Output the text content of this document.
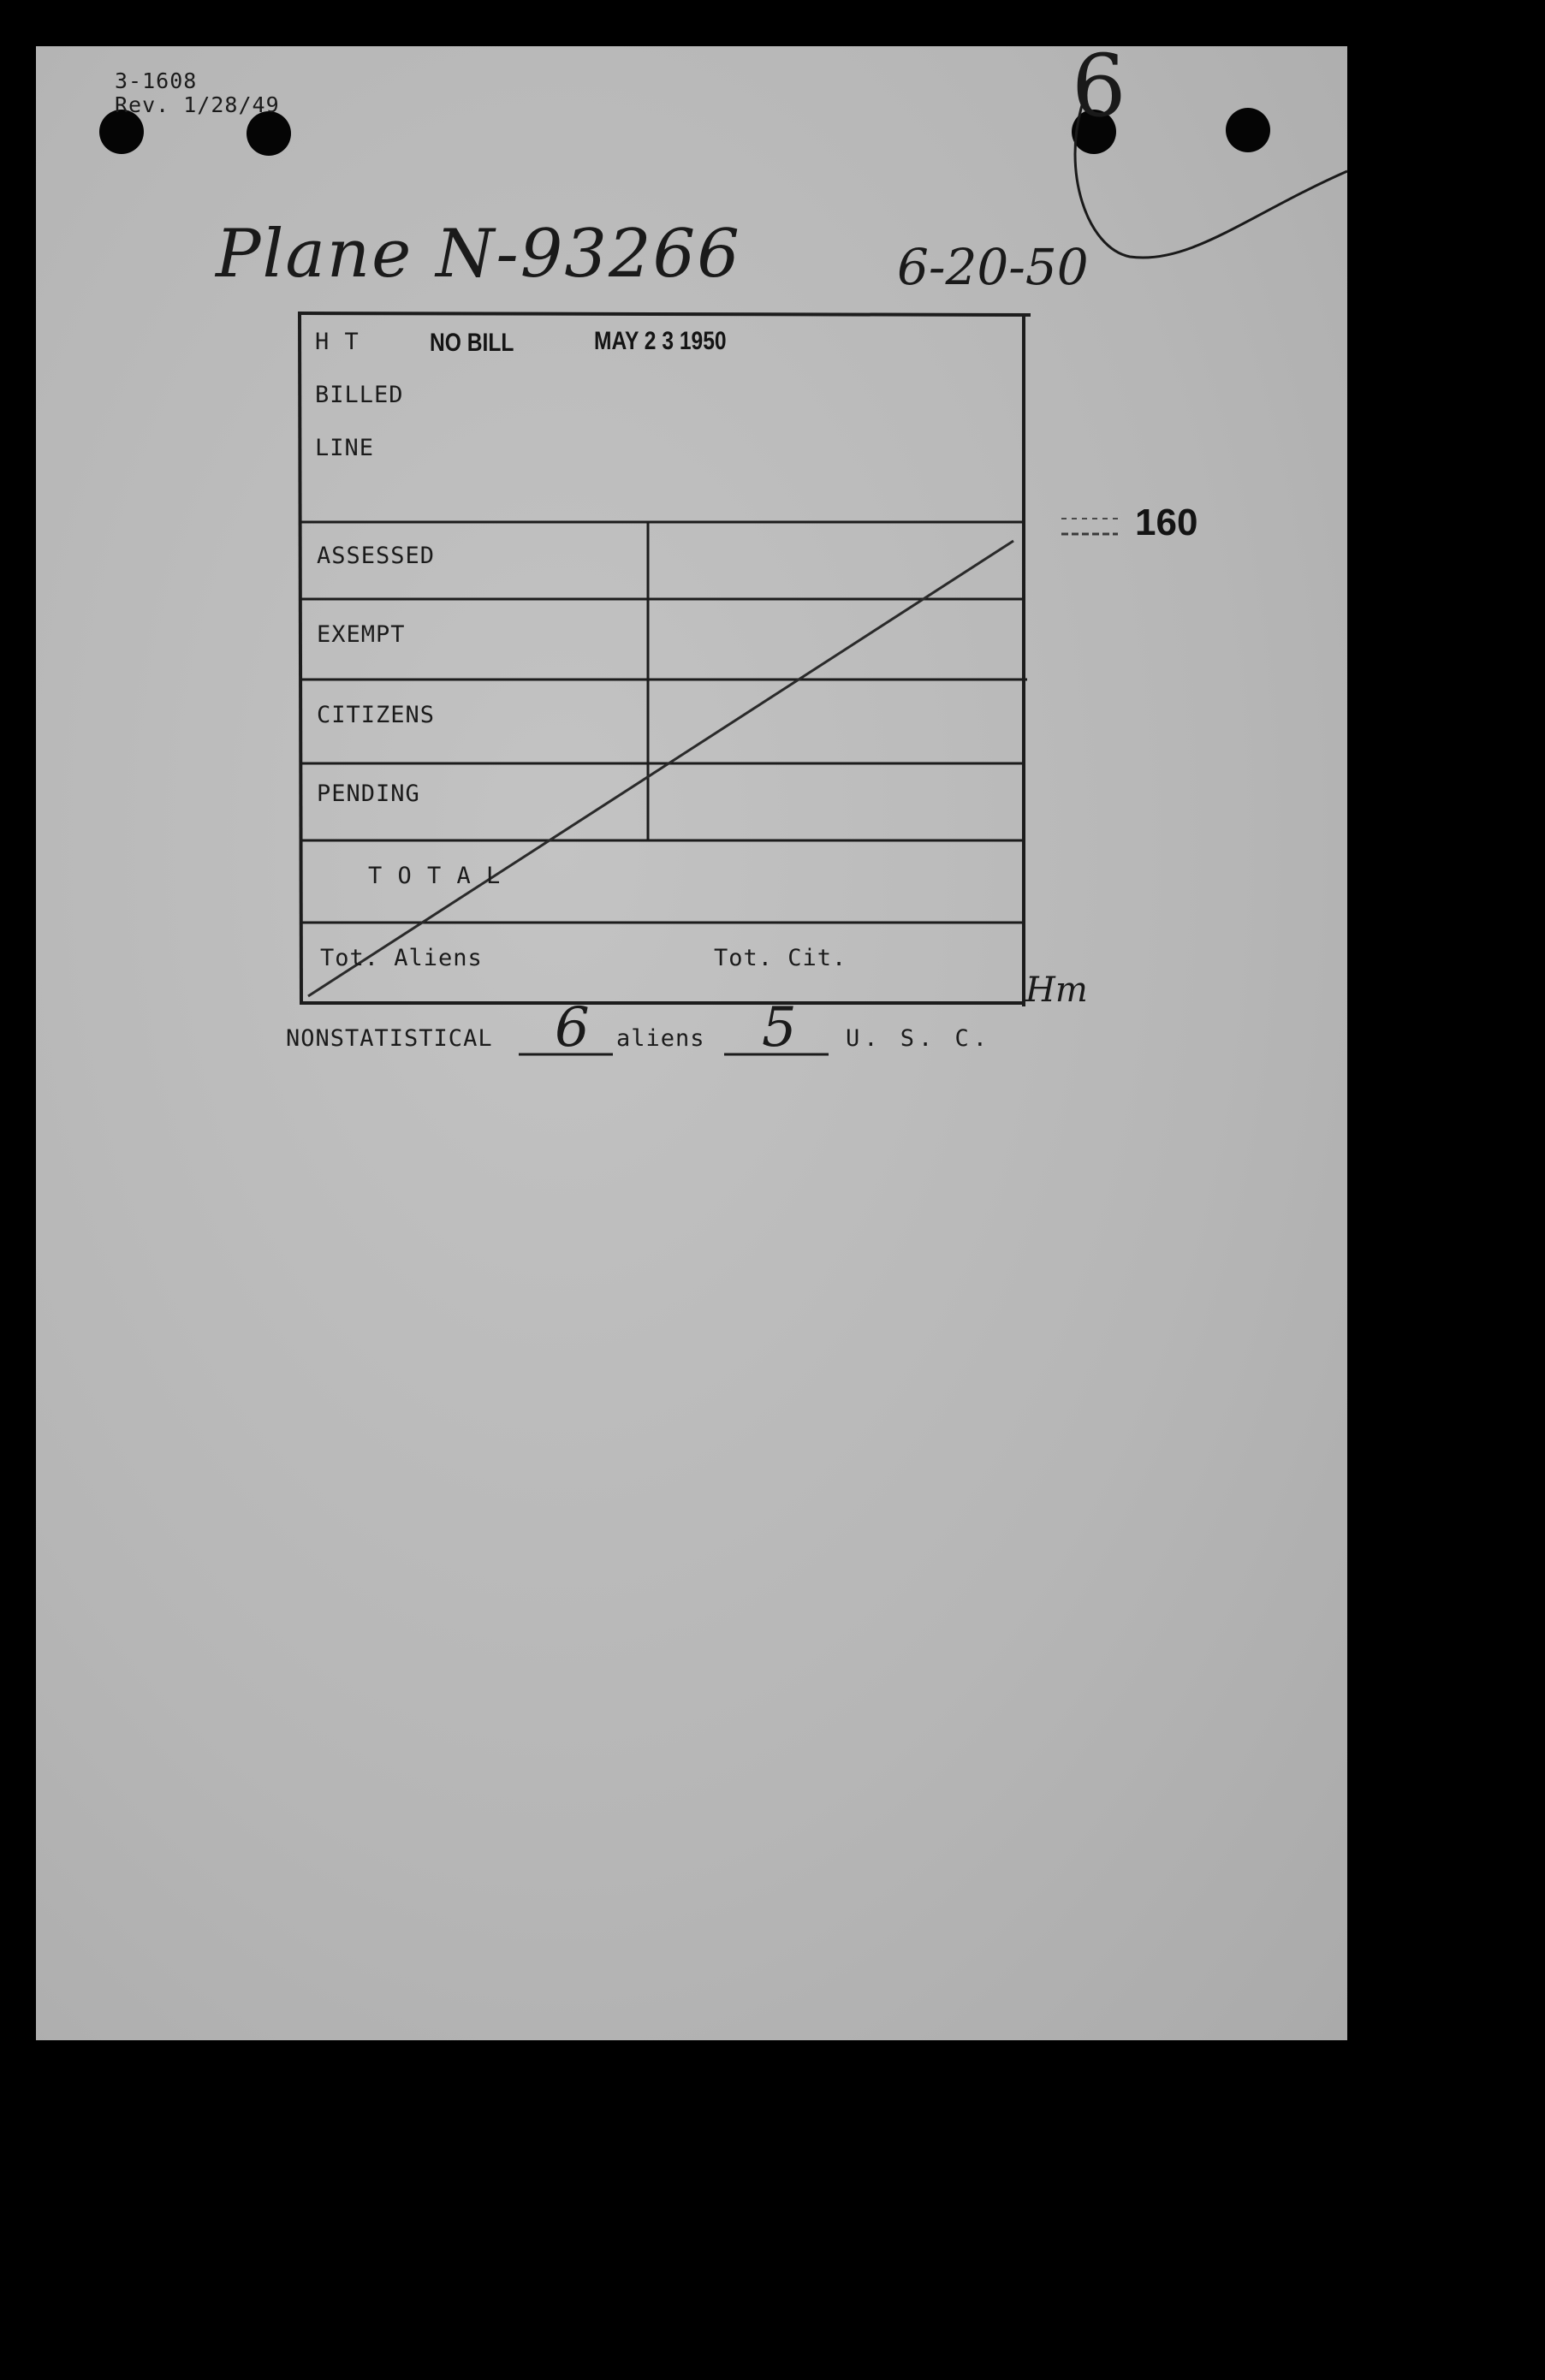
3-1608
Rev. 1/28/49
Plane N-93266	6-20-50
6
H T	NO BILL	MAY 2 3 1950
BILLED
LINE
160
ASSESSED
EXEMPT
CITIZENS
PENDING
T O T A L
Tot. Aliens	Tot. Cit.
Hm
NONSTATISTICAL 6 aliens 5 U. S. C.
